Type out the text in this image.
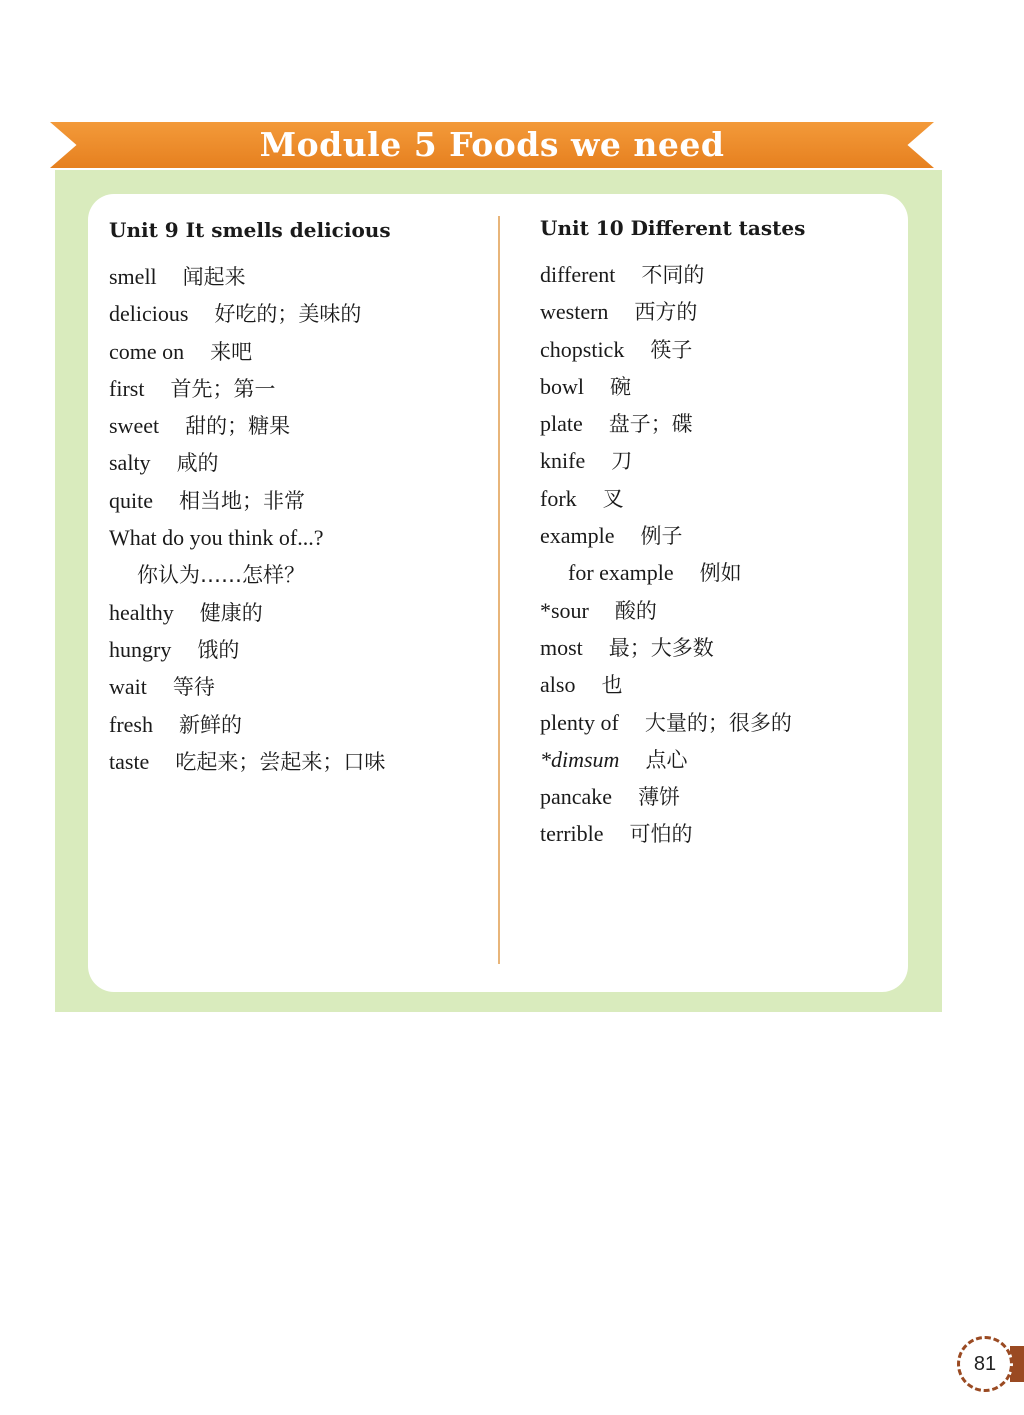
Module 5 Foods we need
Unit 9 It smells delicious
smell 闻起来
delicious 好吃的；美味的
come on 来吧
first 首先；第一
sweet 甜的；糖果
salty 咸的
quite 相当地；非常
What do you think of...?
你认为……怎样？
healthy 健康的
hungry 饿的
wait 等待
fresh 新鲜的
taste 吃起来；尝起来；口味
Unit 10 Different tastes
different 不同的
western 西方的
chopstick 筷子
bowl 碗
plate 盘子；碟
knife 刀
fork 叉
example 例子
for example 例如
*sour 酸的
most 最；大多数
also 也
plenty of 大量的；很多的
*dimsum 点心
pancake 薄饼
terrible 可怕的
81
